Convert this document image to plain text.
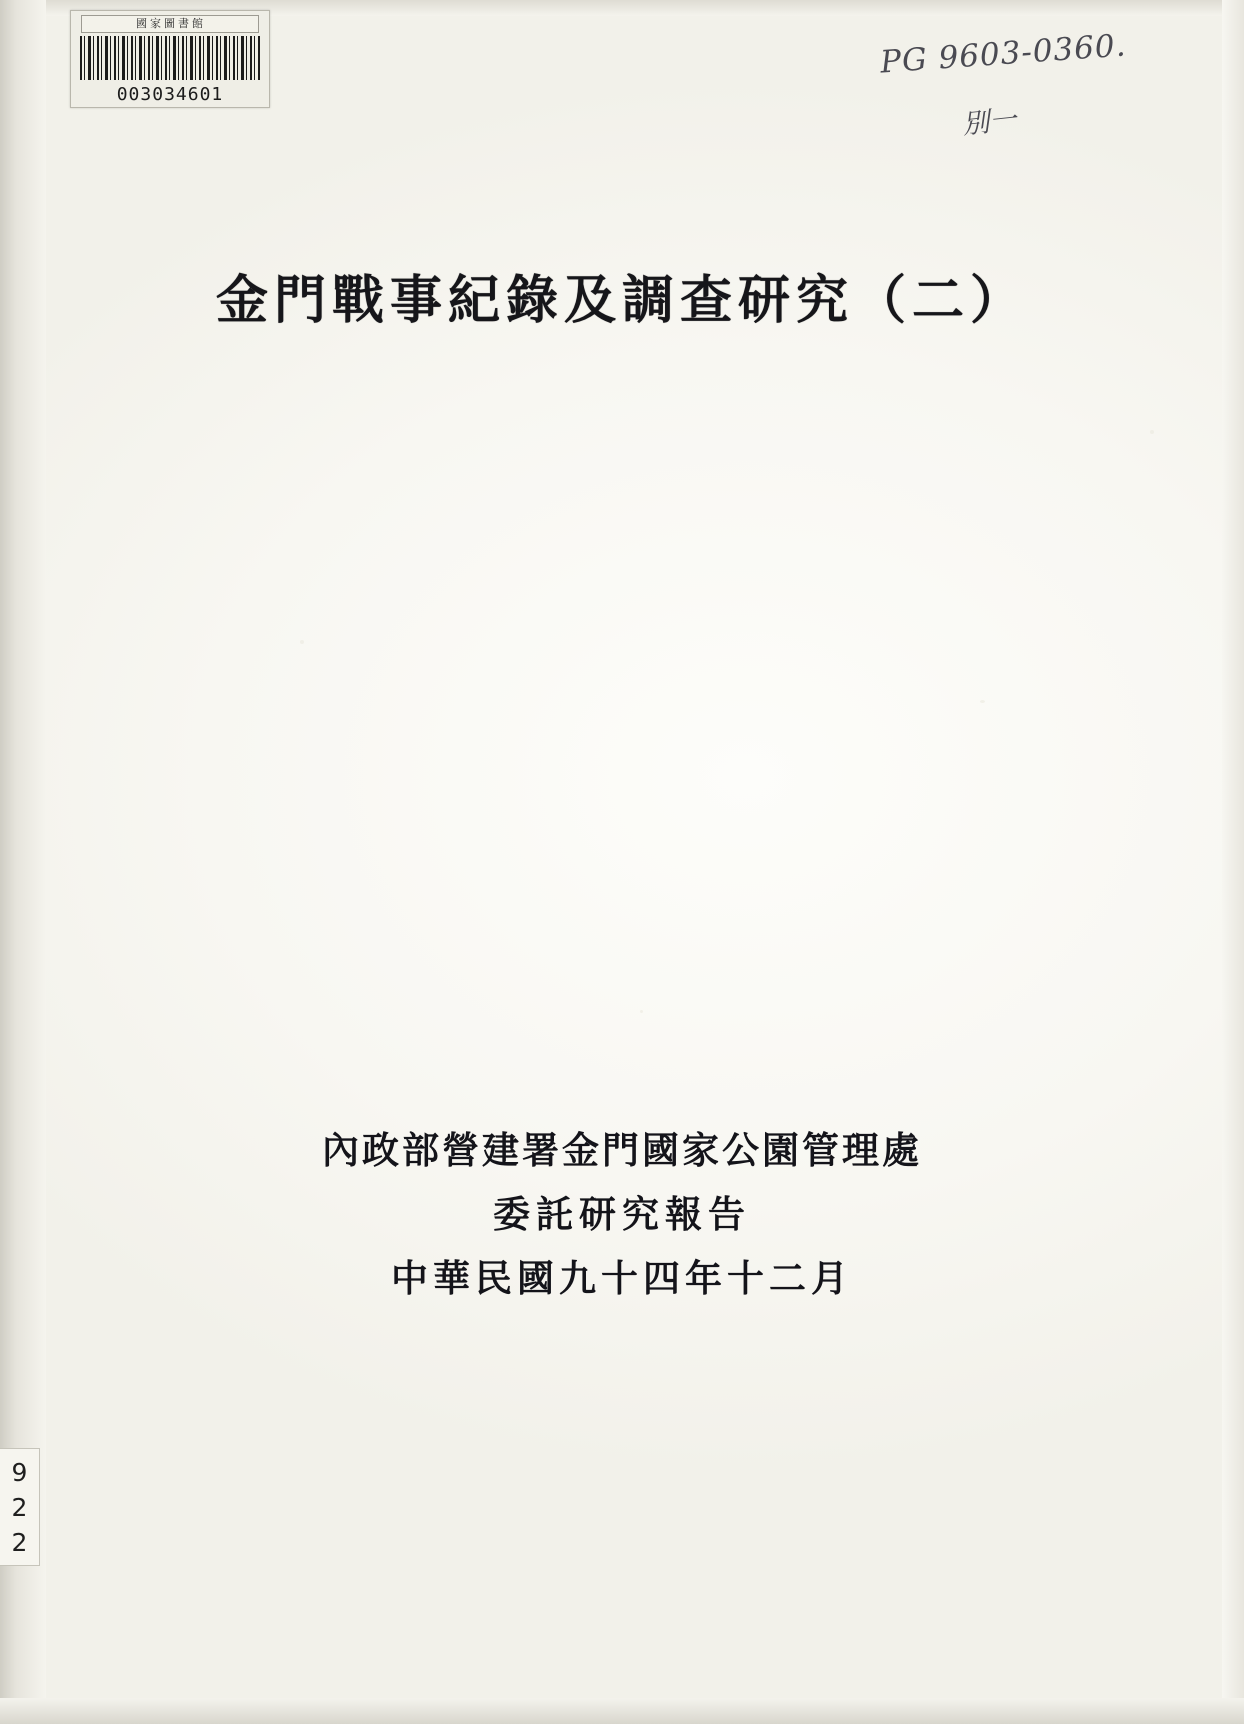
國家圖書館
003034601
PG 9603-0360.
別一
9
2
2
金門戰事紀錄及調查研究（二）
內政部營建署金門國家公園管理處
委託研究報告
中華民國九十四年十二月
